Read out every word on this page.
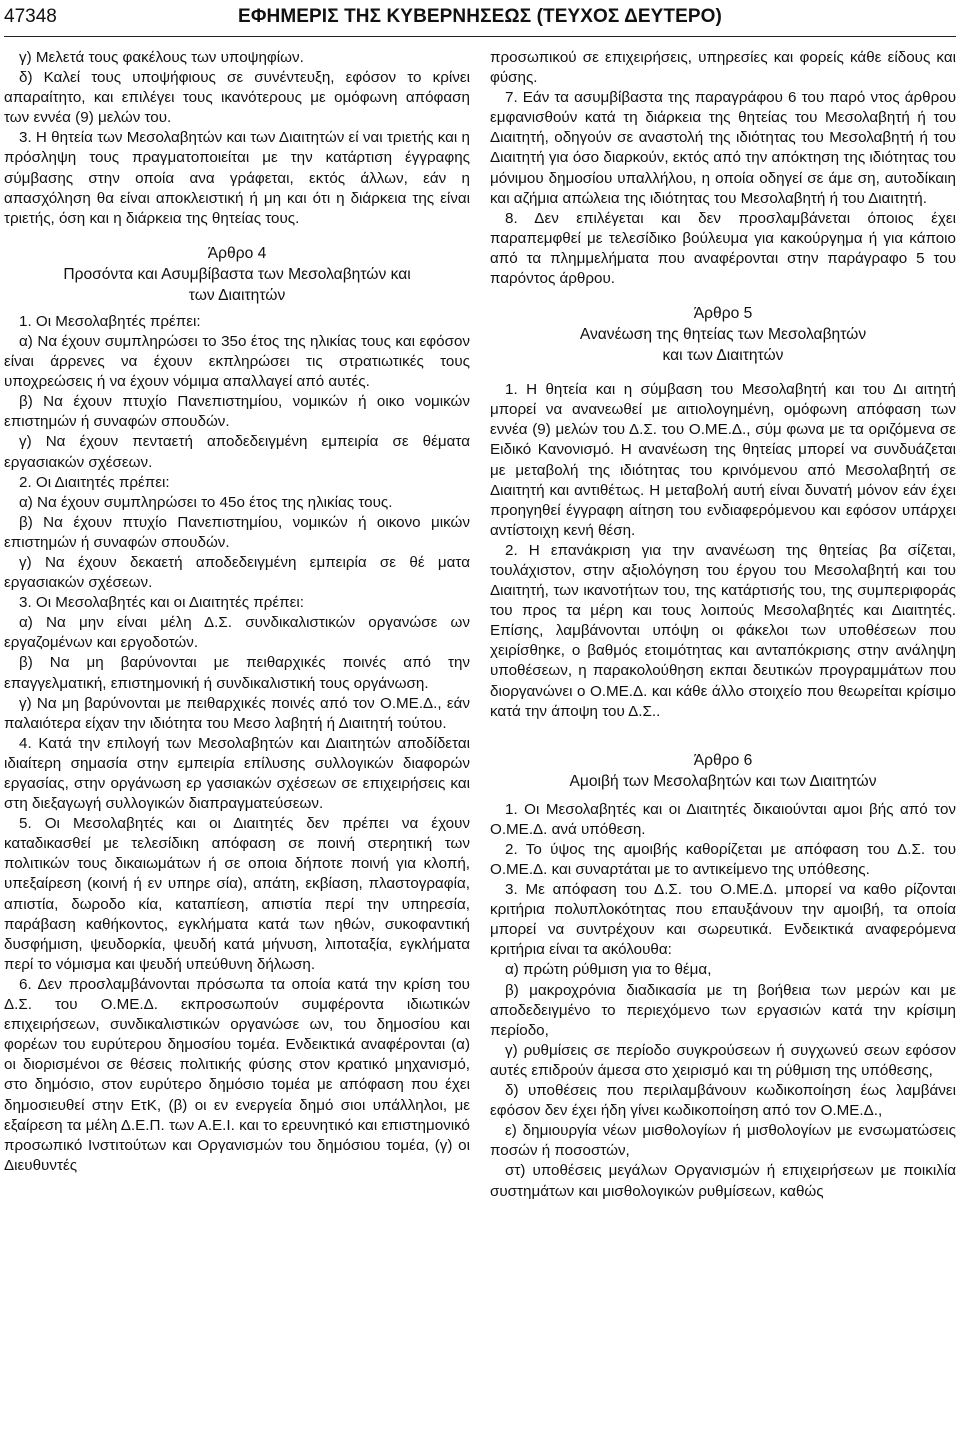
47348	ΕΦΗΜΕΡΙΣ ΤΗΣ ΚΥΒΕΡΝΗΣΕΩΣ (ΤΕΥΧΟΣ ΔΕΥΤΕΡΟ)

γ) Μελετά τους φακέλους των υποψηφίων.

δ) Καλεί τους υποψήφιους σε συνέντευξη, εφόσον το κρίνει απαραίτητο, και επιλέγει τους ικανότερους με ομόφωνη απόφαση των εννέα (9) μελών του.

3. Η θητεία των Μεσολαβητών και των Διαιτητών εί ναι τριετής και η πρόσληψη τους πραγματοποιείται με την κατάρτιση έγγραφης σύμβασης στην οποία ανα γράφεται, εκτός άλλων, εάν η απασχόληση θα είναι αποκλειστική ή μη και ότι η διάρκεια της είναι τριετής, όση και η διάρκεια της θητείας τους.

Άρθρο 4
Προσόντα και Ασυμβίβαστα των Μεσολαβητών και
των Διαιτητών

1. Οι Μεσολαβητές πρέπει:

α) Να έχουν συμπληρώσει το 35ο έτος της ηλικίας τους και εφόσον είναι άρρενες να έχουν εκπληρώσει τις στρατιωτικές τους υποχρεώσεις ή να έχουν νόμιμα απαλλαγεί από αυτές.

β) Να έχουν πτυχίο Πανεπιστημίου, νομικών ή οικο νομικών επιστημών ή συναφών σπουδών.

γ) Να έχουν πενταετή αποδεδειγμένη εμπειρία σε θέματα εργασιακών σχέσεων.

2. Οι Διαιτητές πρέπει:

α) Να έχουν συμπληρώσει το 45ο έτος της ηλικίας τους.

β) Να έχουν πτυχίο Πανεπιστημίου, νομικών ή οικονο μικών επιστημών ή συναφών σπουδών.

γ) Να έχουν δεκαετή αποδεδειγμένη εμπειρία σε θέ ματα εργασιακών σχέσεων.

3. Οι Μεσολαβητές και οι Διαιτητές πρέπει:

α) Να μην είναι μέλη Δ.Σ. συνδικαλιστικών οργανώσε ων εργαζομένων και εργοδοτών.

β) Να μη βαρύνονται με πειθαρχικές ποινές από την επαγγελματική, επιστημονική ή συνδικαλιστική τους οργάνωση.

γ) Να μη βαρύνονται με πειθαρχικές ποινές από τον Ο.ΜΕ.Δ., εάν παλαιότερα είχαν την ιδιότητα του Μεσο λαβητή ή Διαιτητή τούτου.

4. Κατά την επιλογή των Μεσολαβητών και Διαιτητών αποδίδεται ιδιαίτερη σημασία στην εμπειρία επίλυσης συλλογικών διαφορών εργασίας, στην οργάνωση ερ γασιακών σχέσεων σε επιχειρήσεις και στη διεξαγωγή συλλογικών διαπραγματεύσεων.

5. Οι Μεσολαβητές και οι Διαιτητές δεν πρέπει να έχουν καταδικασθεί με τελεσίδικη απόφαση σε ποινή στερητική των πολιτικών τους δικαιωμάτων ή σε οποια δήποτε ποινή για κλοπή, υπεξαίρεση (κοινή ή εν υπηρε σία), απάτη, εκβίαση, πλαστογραφία, απιστία, δωροδο κία, καταπίεση, απιστία περί την υπηρεσία, παράβαση καθήκοντος, εγκλήματα κατά των ηθών, συκοφαντική δυσφήμιση, ψευδορκία, ψευδή κατά μήνυση, λιποταξία, εγκλήματα περί το νόμισμα και ψευδή υπεύθυνη δήλωση.

6. Δεν προσλαμβάνονται πρόσωπα τα οποία κατά την κρίση του Δ.Σ. του Ο.ΜΕ.Δ. εκπροσωπούν συμφέροντα ιδιωτικών επιχειρήσεων, συνδικαλιστικών οργανώσε ων, του δημοσίου και φορέων του ευρύτερου δημοσίου τομέα. Ενδεικτικά αναφέρονται (α) οι διορισμένοι σε θέσεις πολιτικής φύσης στον κρατικό μηχανισμό, στο δημόσιο, στον ευρύτερο δημόσιο τομέα με απόφαση που έχει δημοσιευθεί στην ΕτΚ, (β) οι εν ενεργεία δημό σιοι υπάλληλοι, με εξαίρεση τα μέλη Δ.Ε.Π. των Α.Ε.Ι. και το ερευνητικό και επιστημονικό προσωπικό Ινστιτούτων και Οργανισμών του δημόσιου τομέα, (γ) οι Διευθυντές

προσωπικού σε επιχειρήσεις, υπηρεσίες και φορείς κάθε είδους και φύσης.

7. Εάν τα ασυμβίβαστα της παραγράφου 6 του παρό ντος άρθρου εμφανισθούν κατά τη διάρκεια της θητείας του Μεσολαβητή ή του Διαιτητή, οδηγούν σε αναστολή της ιδιότητας του Μεσολαβητή ή του Διαιτητή για όσο διαρκούν, εκτός από την απόκτηση της ιδιότητας του μόνιμου δημοσίου υπαλλήλου, η οποία οδηγεί σε άμε ση, αυτοδίκαιη και αζήμια απώλεια της ιδιότητας του Μεσολαβητή ή του Διαιτητή.

8. Δεν επιλέγεται και δεν προσλαμβάνεται όποιος έχει παραπεμφθεί με τελεσίδικο βούλευμα για κακούργημα ή για κάποιο από τα πλημμελήματα που αναφέρονται στην παράγραφο 5 του παρόντος άρθρου.

Άρθρο 5
Ανανέωση της θητείας των Μεσολαβητών
και των Διαιτητών

1. Η θητεία και η σύμβαση του Μεσολαβητή και του Δι αιτητή μπορεί να ανανεωθεί με αιτιολογημένη, ομόφωνη απόφαση των εννέα (9) μελών του Δ.Σ. του Ο.ΜΕ.Δ., σύμ φωνα με τα οριζόμενα σε Ειδικό Κανονισμό. Η ανανέωση της θητείας μπορεί να συνδυάζεται με μεταβολή της ιδιότητας του κρινόμενου από Μεσολαβητή σε Διαιτητή και αντιθέτως. Η μεταβολή αυτή είναι δυνατή μόνον εάν έχει προηγηθεί έγγραφη αίτηση του ενδιαφερόμενου και εφόσον υπάρχει αντίστοιχη κενή θέση.

2. Η επανάκριση για την ανανέωση της θητείας βα σίζεται, τουλάχιστον, στην αξιολόγηση του έργου του Μεσολαβητή και του Διαιτητή, των ικανοτήτων του, της κατάρτισής του, της συμπεριφοράς του προς τα μέρη και τους λοιπούς Μεσολαβητές και Διαιτητές. Επίσης, λαμβάνονται υπόψη οι φάκελοι των υποθέσεων που χειρίσθηκε, ο βαθμός ετοιμότητας και ανταπόκρισης στην ανάληψη υποθέσεων, η παρακολούθηση εκπαι δευτικών προγραμμάτων που διοργανώνει ο Ο.ΜΕ.Δ. και κάθε άλλο στοιχείο που θεωρείται κρίσιμο κατά την άποψη του Δ.Σ..

Άρθρο 6
Αμοιβή των Μεσολαβητών και των Διαιτητών

1. Οι Μεσολαβητές και οι Διαιτητές δικαιούνται αμοι βής από τον Ο.ΜΕ.Δ. ανά υπόθεση.

2. Το ύψος της αμοιβής καθορίζεται με απόφαση του Δ.Σ. του Ο.ΜΕ.Δ. και συναρτάται με το αντικείμενο της υπόθεσης.

3. Με απόφαση του Δ.Σ. του Ο.ΜΕ.Δ. μπορεί να καθο ρίζονται κριτήρια πολυπλοκότητας που επαυξάνουν την αμοιβή, τα οποία μπορεί να συντρέχουν και σωρευτικά. Ενδεικτικά αναφερόμενα κριτήρια είναι τα ακόλουθα:

α) πρώτη ρύθμιση για το θέμα,

β) μακροχρόνια διαδικασία με τη βοήθεια των μερών και με αποδεδειγμένο το περιεχόμενο των εργασιών κατά την κρίσιμη περίοδο,

γ) ρυθμίσεις σε περίοδο συγκρούσεων ή συγχωνεύ σεων εφόσον αυτές επιδρούν άμεσα στο χειρισμό και τη ρύθμιση της υπόθεσης,

δ) υποθέσεις που περιλαμβάνουν κωδικοποίηση έως λαμβάνει εφόσον δεν έχει ήδη γίνει κωδικοποίηση από τον Ο.ΜΕ.Δ.,

ε) δημιουργία νέων μισθολογίων ή μισθολογίων με ενσωματώσεις ποσών ή ποσοστών,

στ) υποθέσεις μεγάλων Οργανισμών ή επιχειρήσεων με ποικιλία συστημάτων και μισθολογικών ρυθμίσεων, καθώς
